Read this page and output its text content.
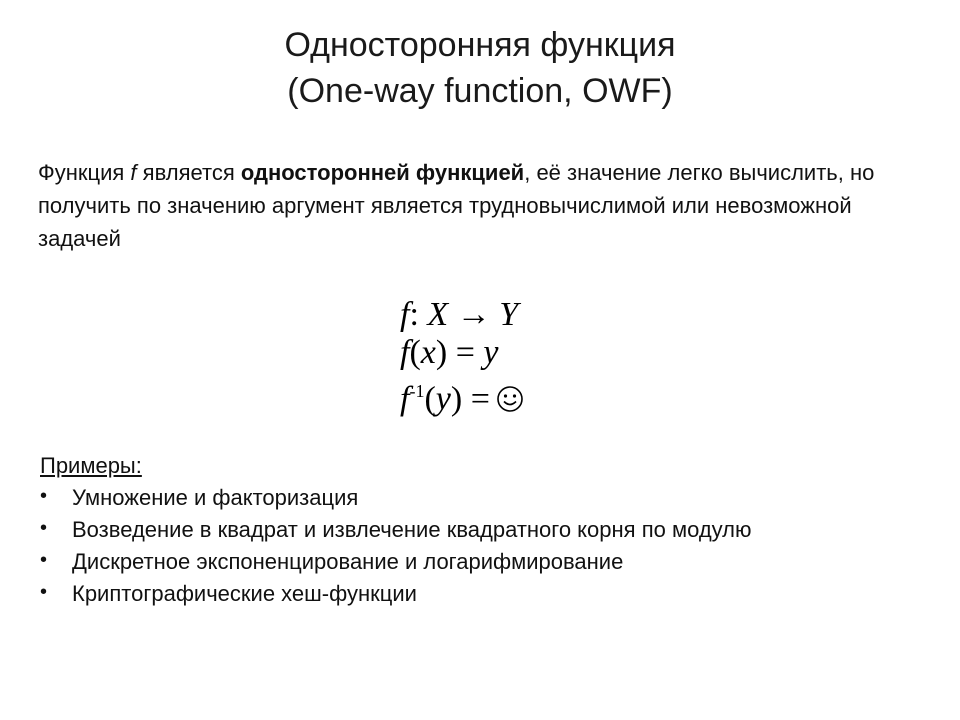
Односторонняя функция
(One-way function, OWF)
Функция f является односторонней функцией, её значение легко вычислить, но получить по значению аргумент является трудновычислимой или невозможной задачей
f: X → Y
f(x) = y
$f^{-1}(y)$ =
Примеры:
• Умножение и факторизация
• Возведение в квадрат и извлечение квадратного корня по модулю
• Дискретное экспоненцирование и логарифмирование
• Криптографические хеш-функции
